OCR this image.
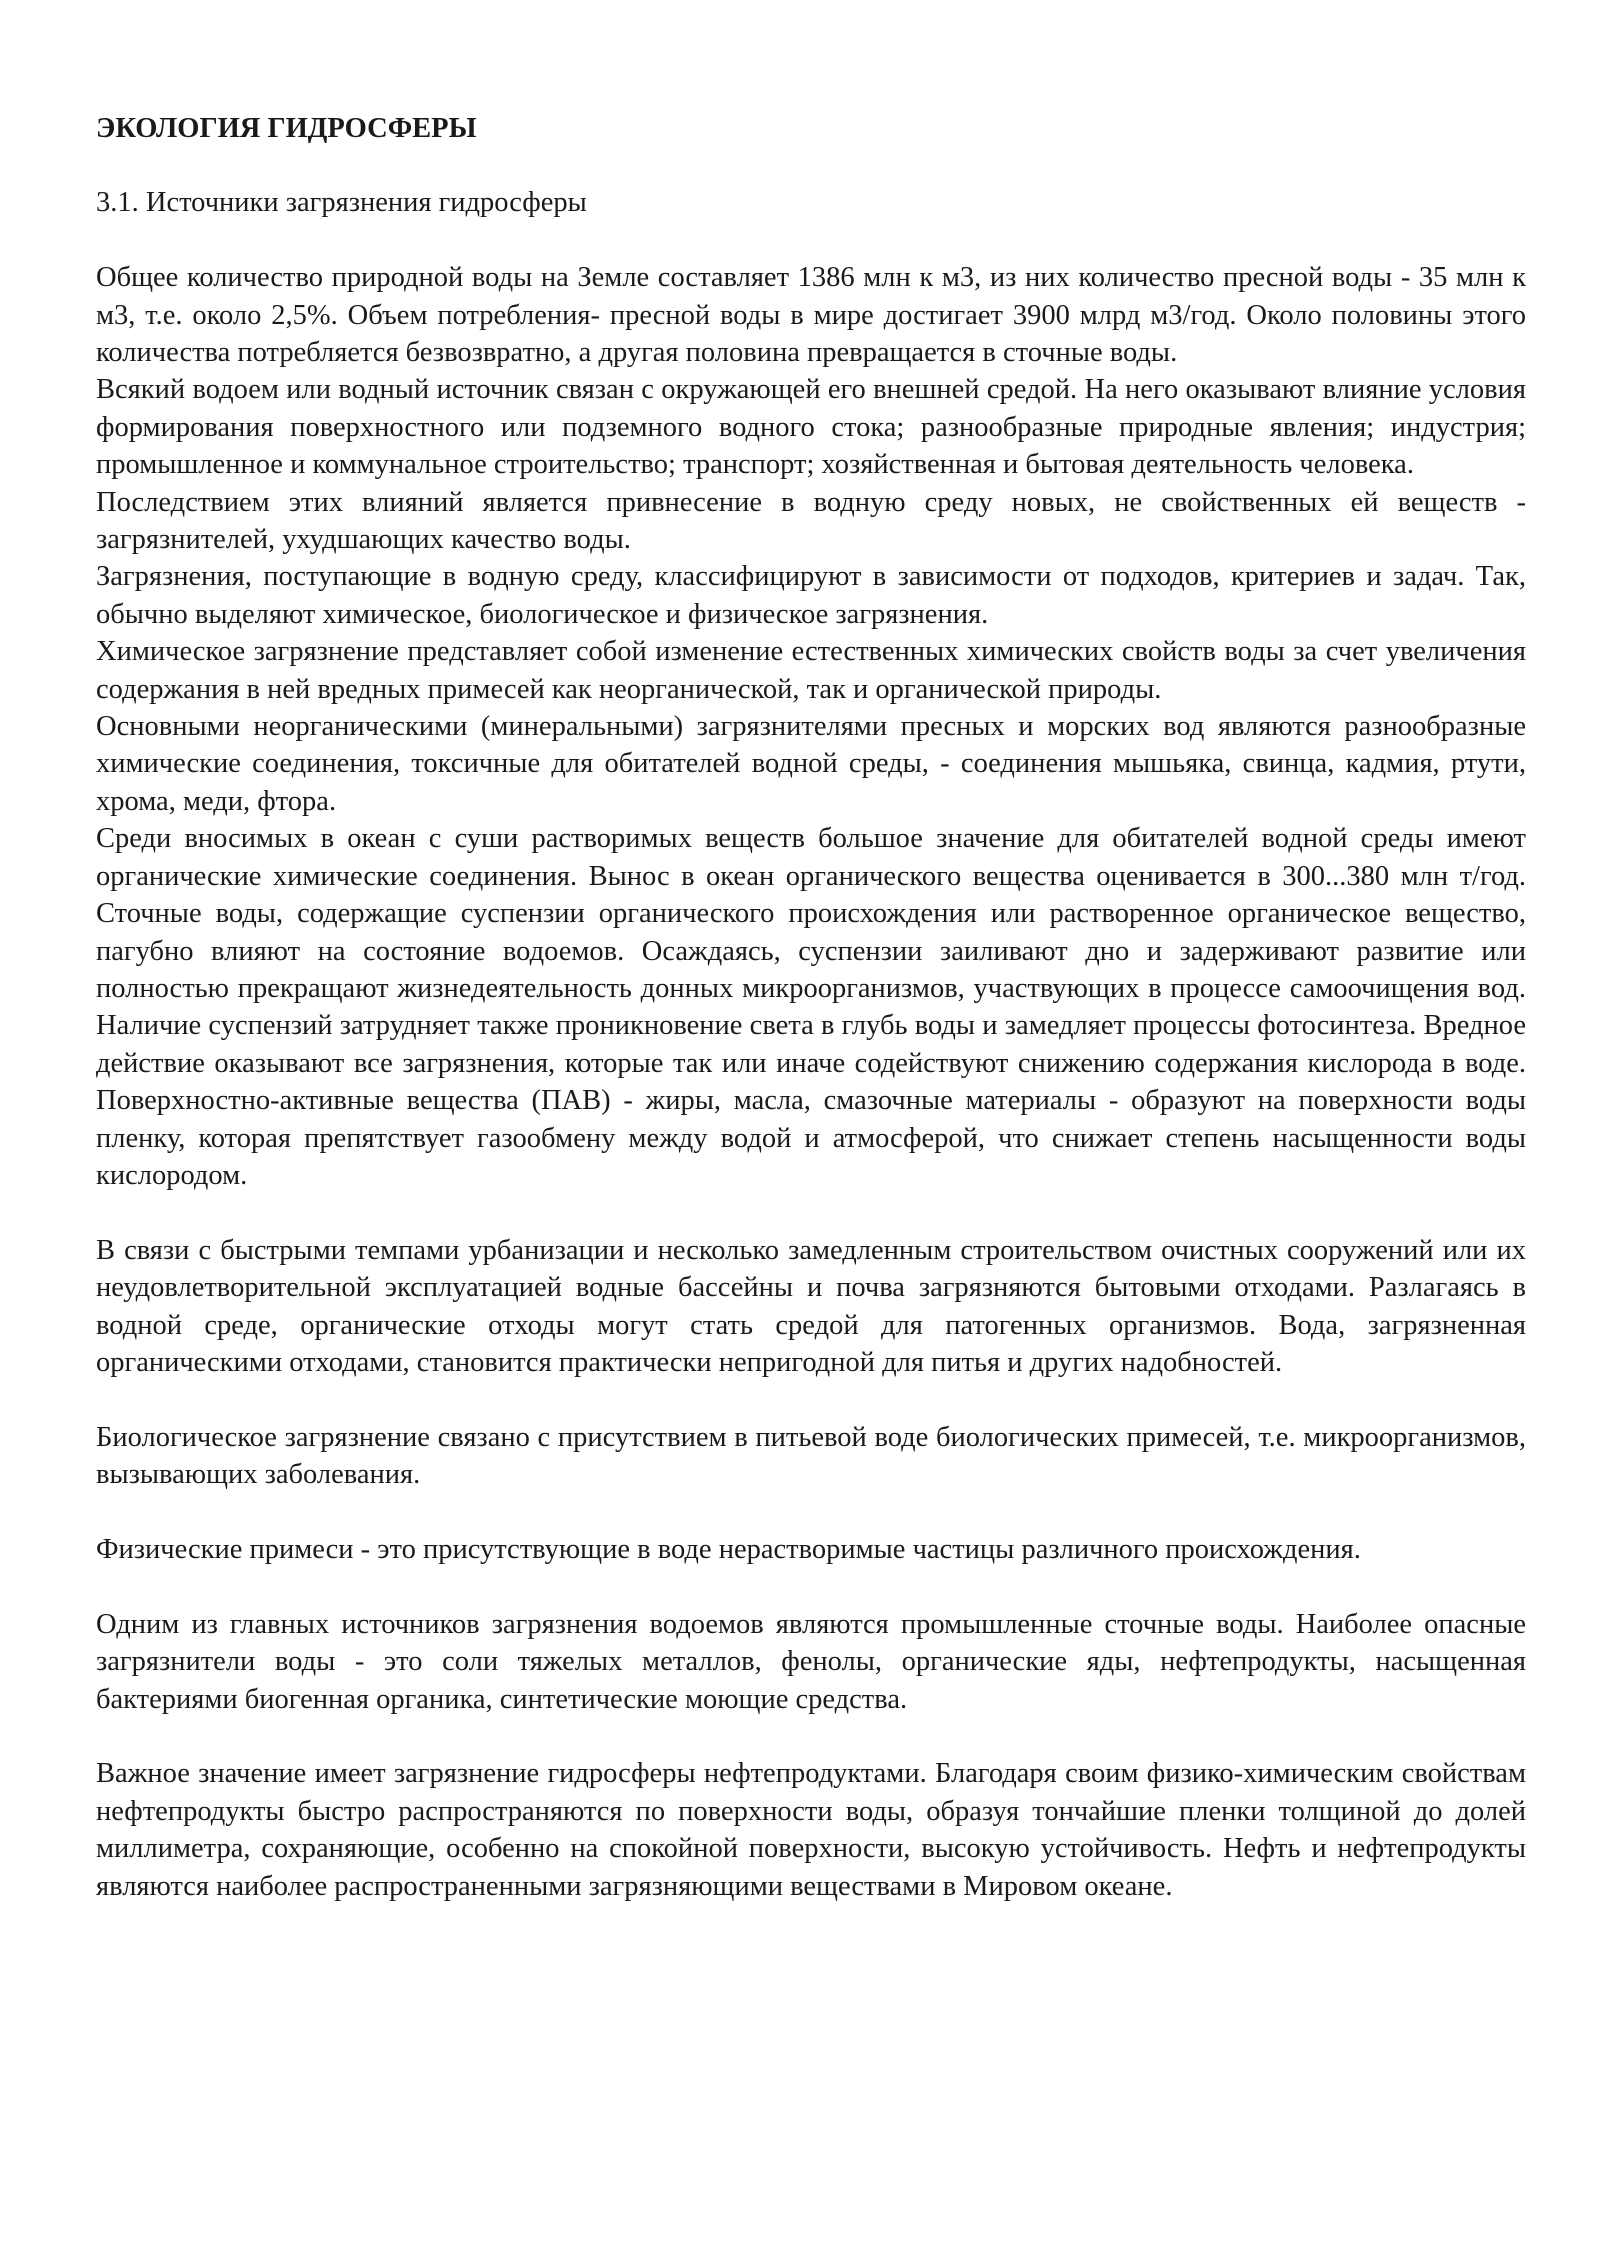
ЭКОЛОГИЯ ГИДРОСФЕРЫ
3.1. Источники загрязнения гидросферы

Общее количество природной воды на Земле составляет 1386 млн к м3, из них количество пресной воды - 35 млн к м3, т.е. около 2,5%. Объем потребления- пресной воды в мире достигает 3900 млрд м3/год. Около половины этого количества потребляется безвозвратно, а другая половина превращается в сточные воды.

Всякий водоем или водный источник связан с окружающей его внешней средой. На него оказывают влияние условия формирования поверхностного или подземного водного стока; разнообразные природные явления; индустрия; промышленное и коммунальное строительство; транспорт; хозяйственная и бытовая деятельность человека.

Последствием этих влияний является привнесение в водную среду новых, не свойственных ей веществ - загрязнителей, ухудшающих качество воды.

Загрязнения, поступающие в водную среду, классифицируют в зависимости от подходов, критериев и задач. Так, обычно выделяют химическое, биологическое и физическое загрязнения.

Химическое загрязнение представляет собой изменение естественных химических свойств воды за счет увеличения содержания в ней вредных примесей как неорганической, так и органической природы.

Основными неорганическими (минеральными) загрязнителями пресных и морских вод являются разнообразные химические соединения, токсичные для обитателей водной среды, - соединения мышьяка, свинца, кадмия, ртути, хрома, меди, фтора.

Среди вносимых в океан с суши растворимых веществ большое значение для обитателей водной среды имеют органические химические соединения. Вынос в океан органического вещества оценивается в 300...380 млн т/год. Сточные воды, содержащие суспензии органического происхождения или растворенное органическое вещество, пагубно влияют на состояние водоемов. Осаждаясь, суспензии заиливают дно и задерживают развитие или полностью прекращают жизнедеятельность донных микроорганизмов, участвующих в процессе самоочищения вод. Наличие суспензий затрудняет также проникновение света в глубь воды и замедляет процессы фотосинтеза. Вредное действие оказывают все загрязнения, которые так или иначе содействуют снижению содержания кислорода в воде. Поверхностно-активные вещества (ПАВ) - жиры, масла, смазочные материалы - образуют на поверхности воды пленку, которая препятствует газообмену между водой и атмосферой, что снижает степень насыщенности воды кислородом.

В связи с быстрыми темпами урбанизации и несколько замедленным строительством очистных сооружений или их неудовлетворительной эксплуатацией водные бассейны и почва загрязняются бытовыми отходами. Разлагаясь в водной среде, органические отходы могут стать средой для патогенных организмов. Вода, загрязненная органическими отходами, становится практически непригодной для питья и других надобностей.

Биологическое загрязнение связано с присутствием в питьевой воде биологических примесей, т.е. микроорганизмов, вызывающих заболевания.

Физические примеси - это присутствующие в воде нерастворимые частицы различного происхождения.

Одним из главных источников загрязнения водоемов являются промышленные сточные воды. Наиболее опасные загрязнители воды - это соли тяжелых металлов, фенолы, органические яды, нефтепродукты, насыщенная бактериями биогенная органика, синтетические моющие средства.

Важное значение имеет загрязнение гидросферы нефтепродуктами. Благодаря своим физико-химическим свойствам нефтепродукты быстро распространяются по поверхности воды, образуя тончайшие пленки толщиной до долей миллиметра, сохраняющие, особенно на спокойной поверхности, высокую устойчивость. Нефть и нефтепродукты являются наиболее распространенными загрязняющими веществами в Мировом океане.
